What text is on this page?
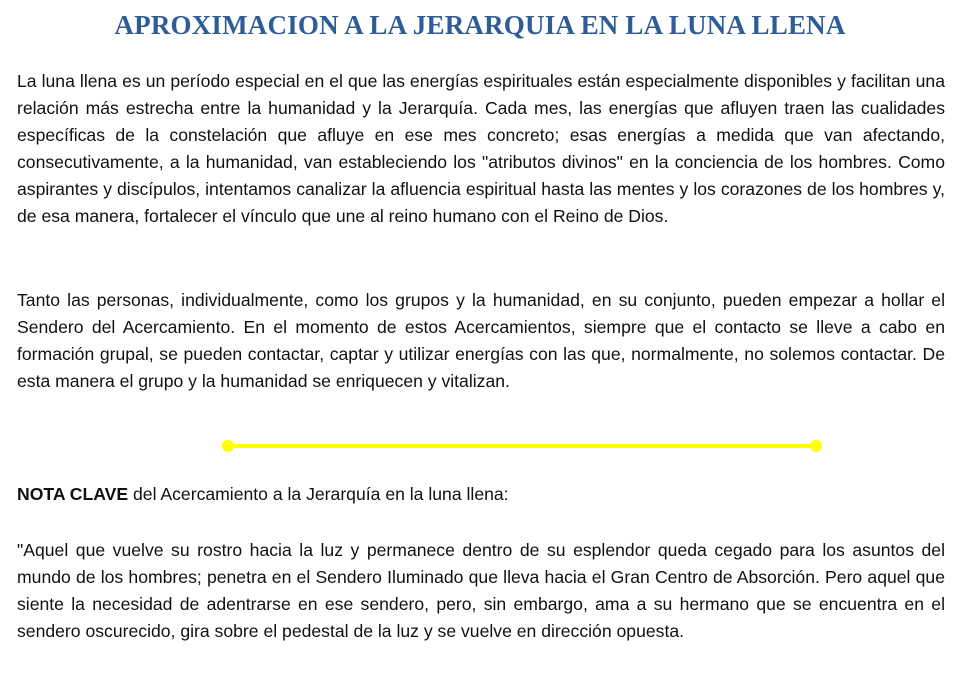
APROXIMACION A LA JERARQUIA EN LA LUNA LLENA

La luna llena es un período especial en el que las energías espirituales están especialmente disponibles y facilitan una relación más estrecha entre la humanidad y la Jerarquía. Cada mes, las energías que afluyen traen las cualidades específicas de la constelación que afluye en ese mes concreto; esas energías a medida que van afectando, consecutivamente, a la humanidad, van estableciendo los "atributos divinos" en la conciencia de los hombres. Como aspirantes y discípulos, intentamos canalizar la afluencia espiritual hasta las mentes y los corazones de los hombres y, de esa manera, fortalecer el vínculo que une al reino humano con el Reino de Dios.

Tanto las personas, individualmente, como los grupos y la humanidad, en su conjunto, pueden empezar a hollar el Sendero del Acercamiento. En el momento de estos Acercamientos, siempre que el contacto se lleve a cabo en formación grupal, se pueden contactar, captar y utilizar energías con las que, normalmente, no solemos contactar. De esta manera el grupo y la humanidad se enriquecen y vitalizan.

NOTA CLAVE del Acercamiento a la Jerarquía en la luna llena:

"Aquel que vuelve su rostro hacia la luz y permanece dentro de su esplendor queda cegado para los asuntos del mundo de los hombres; penetra en el Sendero Iluminado que lleva hacia el Gran Centro de Absorción. Pero aquel que siente la necesidad de adentrarse en ese sendero, pero, sin embargo, ama a su hermano que se encuentra en el sendero oscurecido, gira sobre el pedestal de la luz y se vuelve en dirección opuesta.
